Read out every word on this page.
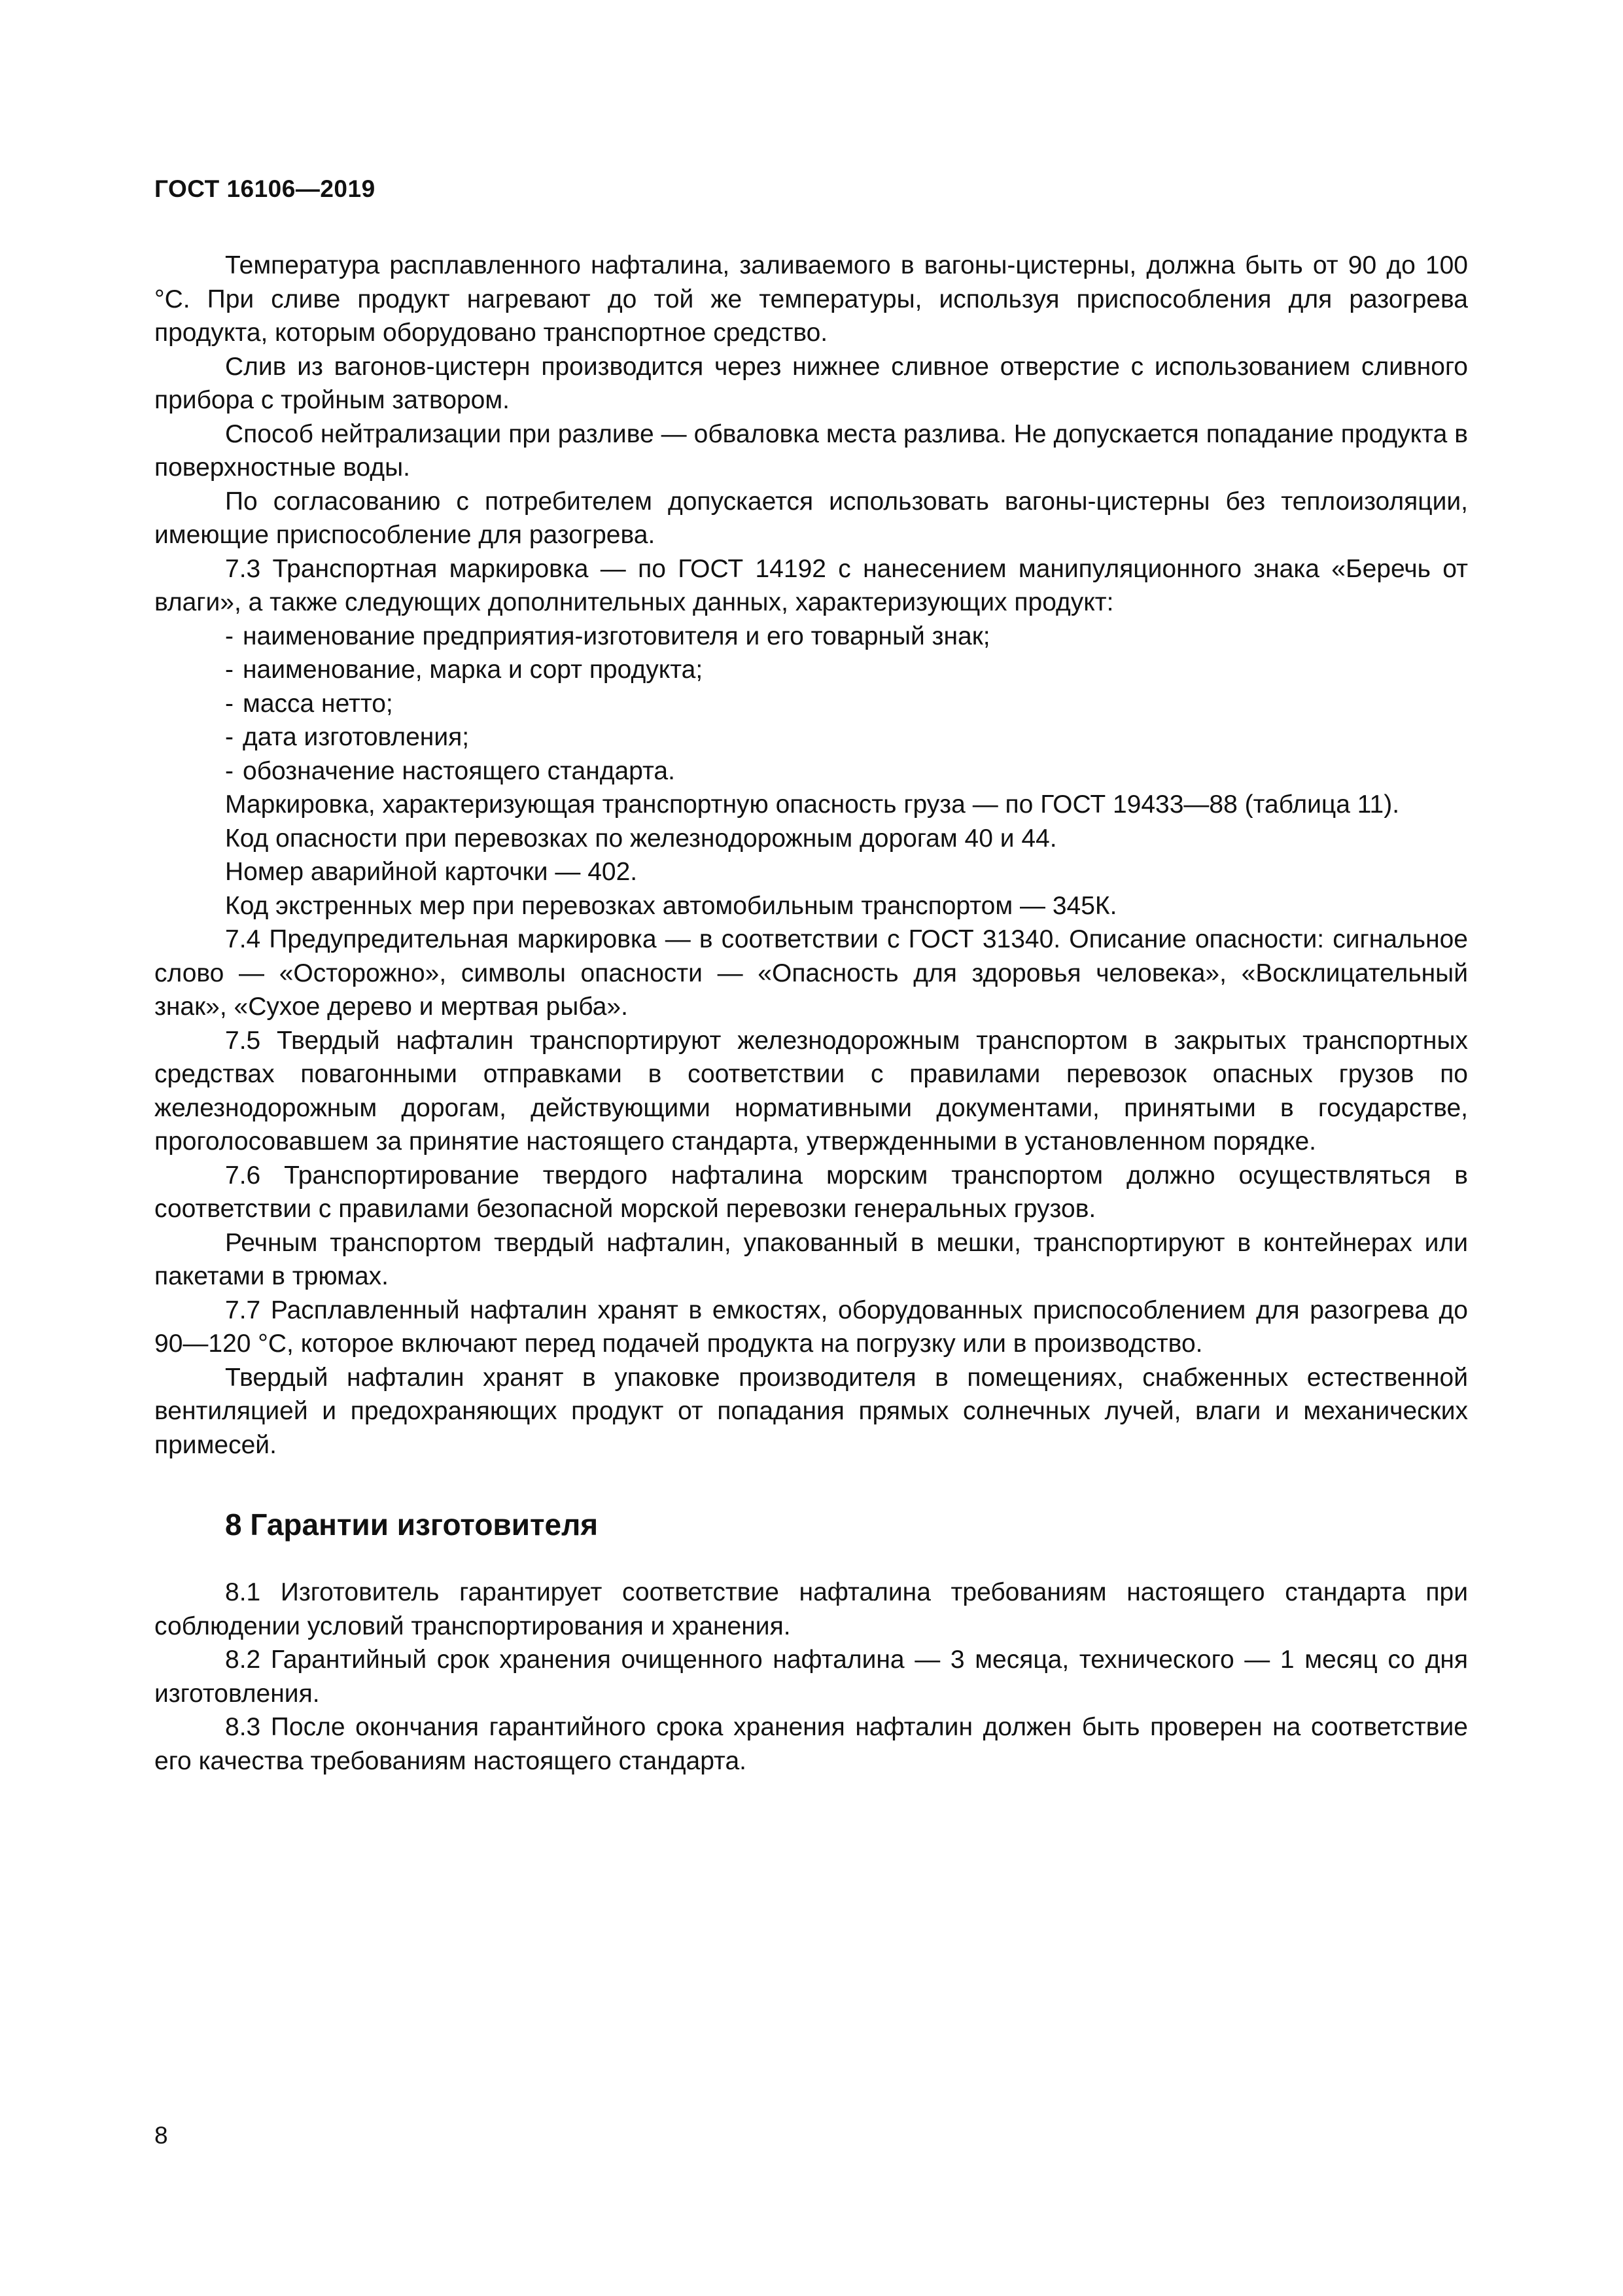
ГОСТ 16106—2019

Температура расплавленного нафталина, заливаемого в вагоны-цистерны, должна быть от 90 до 100 °С. При сливе продукт нагревают до той же температуры, используя приспособления для разогрева продукта, которым оборудовано транспортное средство.

Слив из вагонов-цистерн производится через нижнее сливное отверстие с использованием сливного прибора с тройным затвором.

Способ нейтрализации при разливе — обваловка места разлива. Не допускается попадание продукта в поверхностные воды.

По согласованию с потребителем допускается использовать вагоны-цистерны без теплоизоляции, имеющие приспособление для разогрева.

7.3 Транспортная маркировка — по ГОСТ 14192 с нанесением манипуляционного знака «Беречь от влаги», а также следующих дополнительных данных, характеризующих продукт:

- наименование предприятия-изготовителя и его товарный знак;
- наименование, марка и сорт продукта;
- масса нетто;
- дата изготовления;
- обозначение настоящего стандарта.

Маркировка, характеризующая транспортную опасность груза — по ГОСТ 19433—88 (таблица 11).

Код опасности при перевозках по железнодорожным дорогам 40 и 44.

Номер аварийной карточки — 402.

Код экстренных мер при перевозках автомобильным транспортом — 345К.

7.4 Предупредительная маркировка — в соответствии с ГОСТ 31340. Описание опасности: сигнальное слово — «Осторожно», символы опасности — «Опасность для здоровья человека», «Восклицательный знак», «Сухое дерево и мертвая рыба».

7.5 Твердый нафталин транспортируют железнодорожным транспортом в закрытых транспортных средствах повагонными отправками в соответствии с правилами перевозок опасных грузов по железнодорожным дорогам, действующими нормативными документами, принятыми в государстве, проголосовавшем за принятие настоящего стандарта, утвержденными в установленном порядке.

7.6 Транспортирование твердого нафталина морским транспортом должно осуществляться в соответствии с правилами безопасной морской перевозки генеральных грузов.

Речным транспортом твердый нафталин, упакованный в мешки, транспортируют в контейнерах или пакетами в трюмах.

7.7 Расплавленный нафталин хранят в емкостях, оборудованных приспособлением для разогрева до 90—120 °С, которое включают перед подачей продукта на погрузку или в производство.

Твердый нафталин хранят в упаковке производителя в помещениях, снабженных естественной вентиляцией и предохраняющих продукт от попадания прямых солнечных лучей, влаги и механических примесей.

8 Гарантии изготовителя

8.1 Изготовитель гарантирует соответствие нафталина требованиям настоящего стандарта при соблюдении условий транспортирования и хранения.

8.2 Гарантийный срок хранения очищенного нафталина — 3 месяца, технического — 1 месяц со дня изготовления.

8.3 После окончания гарантийного срока хранения нафталин должен быть проверен на соответствие его качества требованиям настоящего стандарта.

8
